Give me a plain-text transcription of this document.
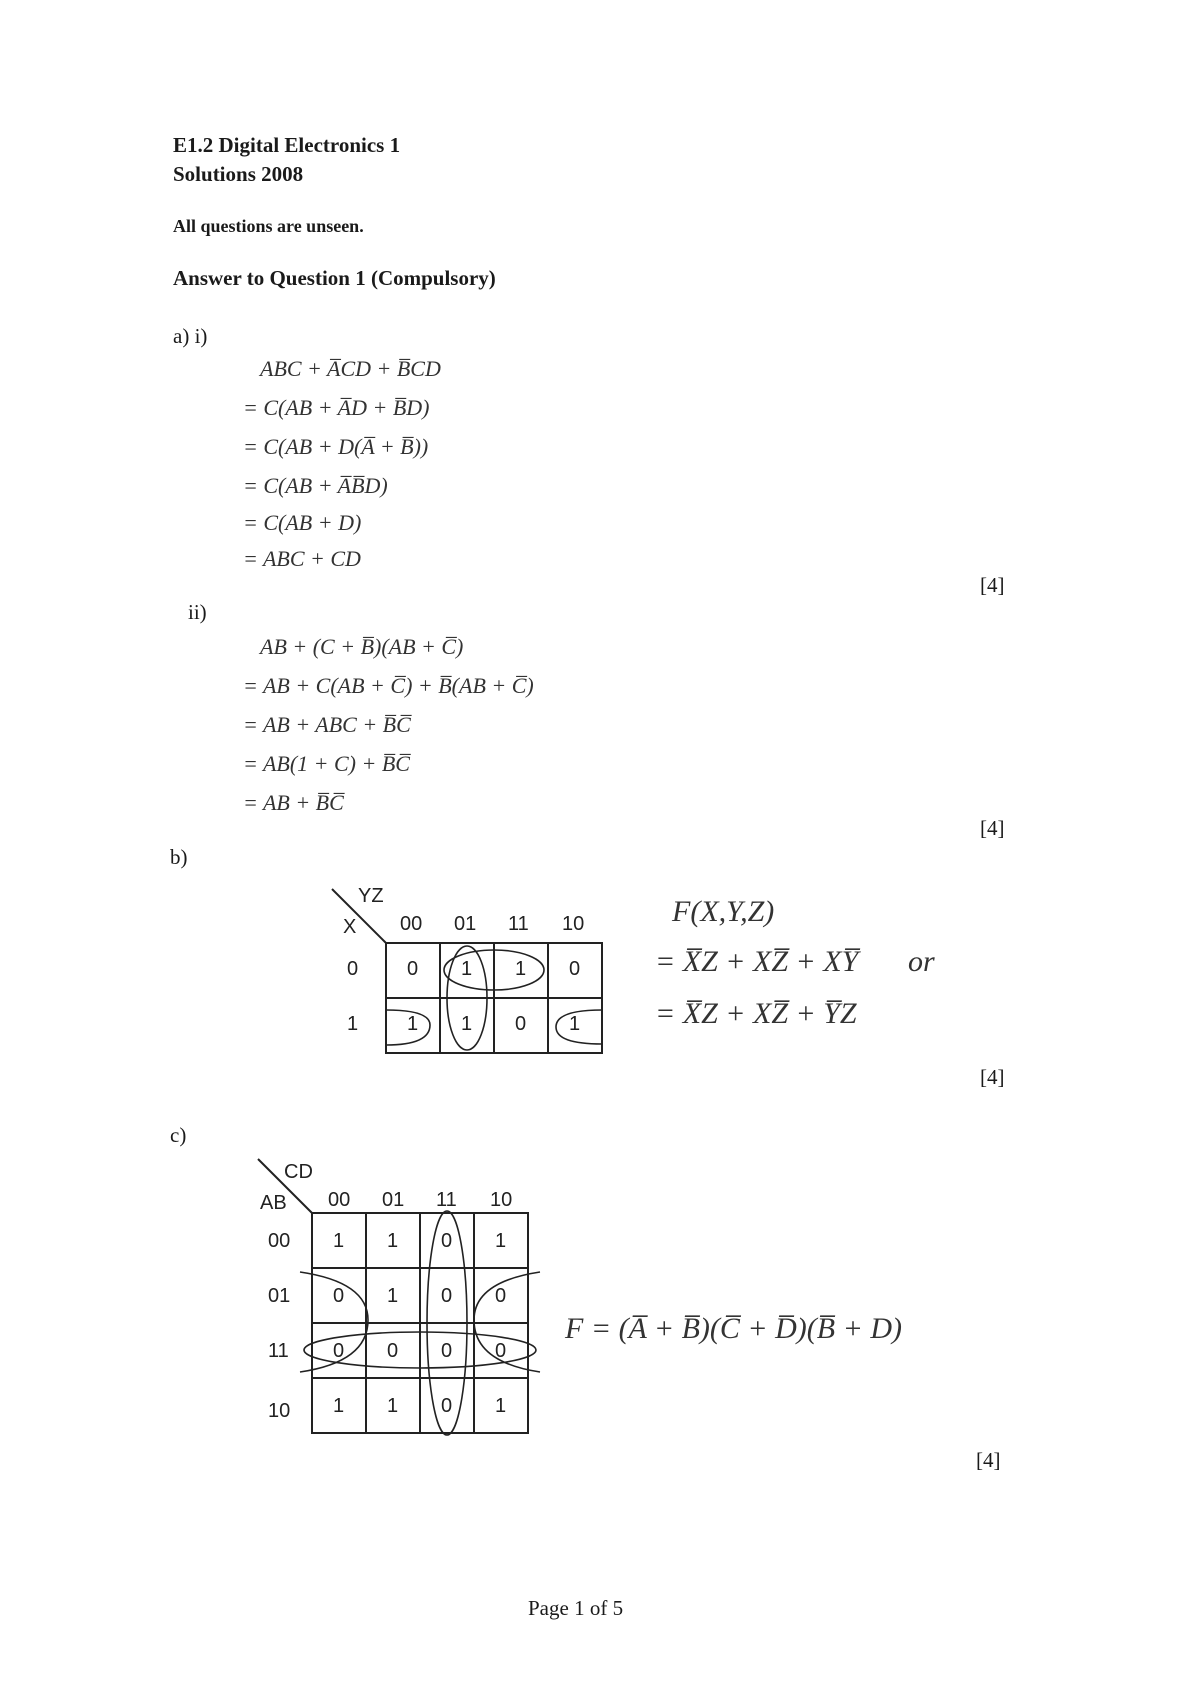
E1.2 Digital Electronics 1
Solutions 2008
All questions are unseen.
Answer to Question 1 (Compulsory)
a) i)
ABC + A̅CD + B̅CD
= C(AB + A̅D + B̅D)
= C(AB + D(A̅ + B̅))
= C(AB + A̅B̅D)
= C(AB + D)
= ABC + CD
[4]
ii)
AB + (C + B̅)(AB + C̅)
= AB + C(AB + C̅) + B̅(AB + C̅)
= AB + ABC + B̅C̅
= AB(1 + C) + B̅C̅
= AB + B̅C̅
[4]
b)
YZ
X 00 01 11 10
0
1
0 1 1 0
1 1 0 1
F(X,Y,Z)
= X̅Z + XZ̅ + XY̅ or
= X̅Z + XZ̅ + Y̅Z
[4]
c)
CD
AB 00 01 11 10
00
01
11
10
1 1 0 1
0 1 0 0
0 0 0 0
1 1 0 1
F = (A̅ + B̅)(C̅ + D̅)(B̅ + D)
[4]
Page 1 of 5
